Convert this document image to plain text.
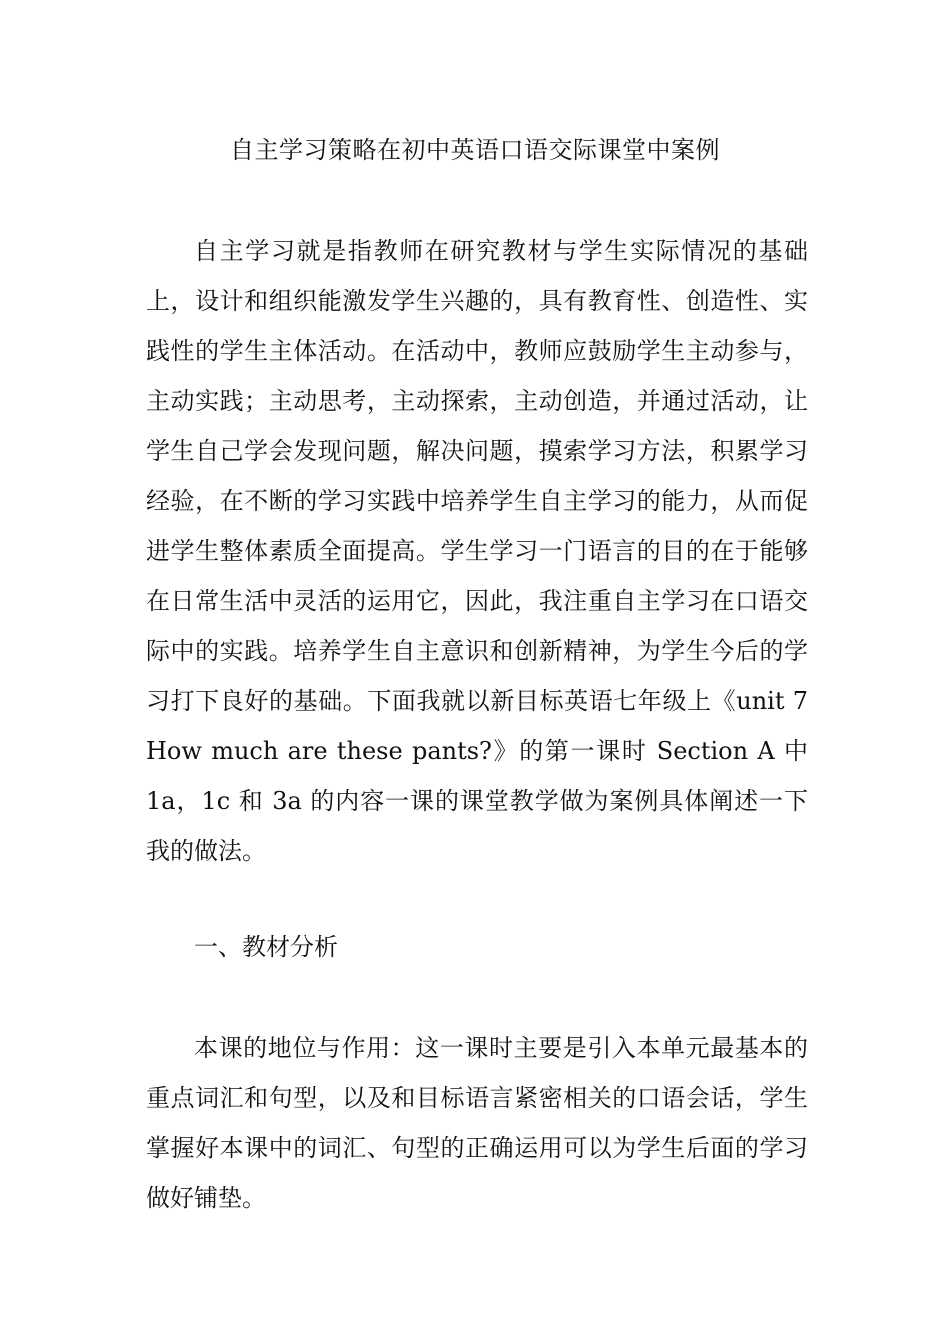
自主学习策略在初中英语口语交际课堂中案例

自主学习就是指教师在研究教材与学生实际情况的基础上，设计和组织能激发学生兴趣的，具有教育性、创造性、实践性的学生主体活动。在活动中，教师应鼓励学生主动参与，主动实践；主动思考，主动探索，主动创造，并通过活动，让学生自己学会发现问题，解决问题，摸索学习方法，积累学习经验，在不断的学习实践中培养学生自主学习的能力，从而促进学生整体素质全面提高。学生学习一门语言的目的在于能够在日常生活中灵活的运用它，因此，我注重自主学习在口语交际中的实践。培养学生自主意识和创新精神，为学生今后的学习打下良好的基础。下面我就以新目标英语七年级上《unit 7 How much are these pants?》的第一课时 Section A 中 1a，1c 和 3a 的内容一课的课堂教学做为案例具体阐述一下我的做法。

一、教材分析

本课的地位与作用：这一课时主要是引入本单元最基本的重点词汇和句型，以及和目标语言紧密相关的口语会话，学生掌握好本课中的词汇、句型的正确运用可以为学生后面的学习做好铺垫。
